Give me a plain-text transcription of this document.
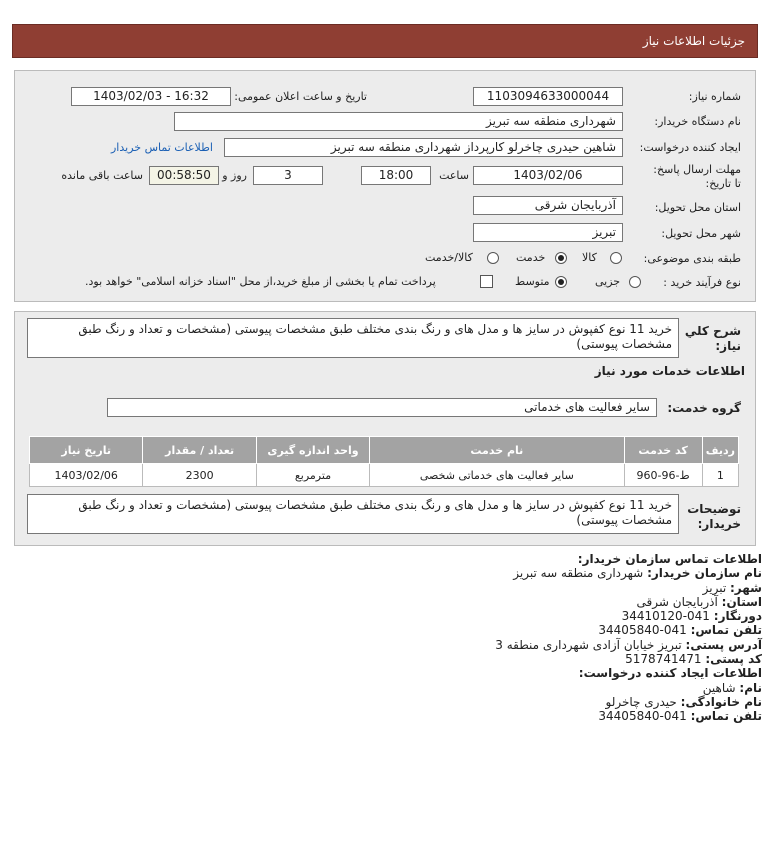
جزئیات اطلاعات نیاز
شماره نیاز:
1103094633000044
تاریخ و ساعت اعلان عمومی:
1403/02/03 - 16:32
نام دستگاه خریدار:
شهرداری منطقه سه تبریز
ایجاد کننده درخواست:
شاهین حیدری چاخرلو کارپرداز شهرداری منطقه سه تبریز
اطلاعات تماس خریدار
مهلت ارسال پاسخ: تا تاریخ:
1403/02/06
ساعت
18:00
3
روز و
00:58:50
ساعت باقی مانده
استان محل تحویل:
آذربایجان شرقی
شهر محل تحویل:
تبریز
طبقه بندی موضوعی:
کالا
خدمت
کالا/خدمت
نوع فرآیند خرید :
جزیی
متوسط
پرداخت تمام یا بخشی از مبلغ خرید،از محل "اسناد خزانه اسلامی" خواهد بود.
شرح کلي نیاز:
خرید 11 نوع کفپوش در سایز ها و مدل های و رنگ بندی مختلف طبق مشخصات پیوستی (مشخصات و تعداد و رنگ طبق مشخصات پیوستی)
اطلاعات خدمات مورد نیاز
گروه خدمت:
سایر فعالیت های خدماتی
ردیف	کد خدمت	نام خدمت	واحد اندازه گیری	تعداد / مقدار	تاریخ نیاز
1	ط-96-960	سایر فعالیت های خدماتی شخصی	مترمربع	2300	1403/02/06
توضیحات خریدار:
خرید 11 نوع کفپوش در سایز ها و مدل های و رنگ بندی مختلف طبق مشخصات پیوستی (مشخصات و تعداد و رنگ طبق مشخصات پیوستی)
اطلاعات تماس سازمان خریدار:
نام سازمان خریدار: شهرداری منطقه سه تبریز
شهر: تبریز
استان: آذربایجان شرقی
دورنگار: 041-34410120
تلفن تماس: 041-34405840
آدرس پستی: تبریز خیابان آزادی شهرداری منطقه 3
کد پستی: 5178741471
اطلاعات ایجاد کننده درخواست:
نام: شاهین
نام خانوادگی: حیدری چاخرلو
تلفن تماس: 041-34405840
